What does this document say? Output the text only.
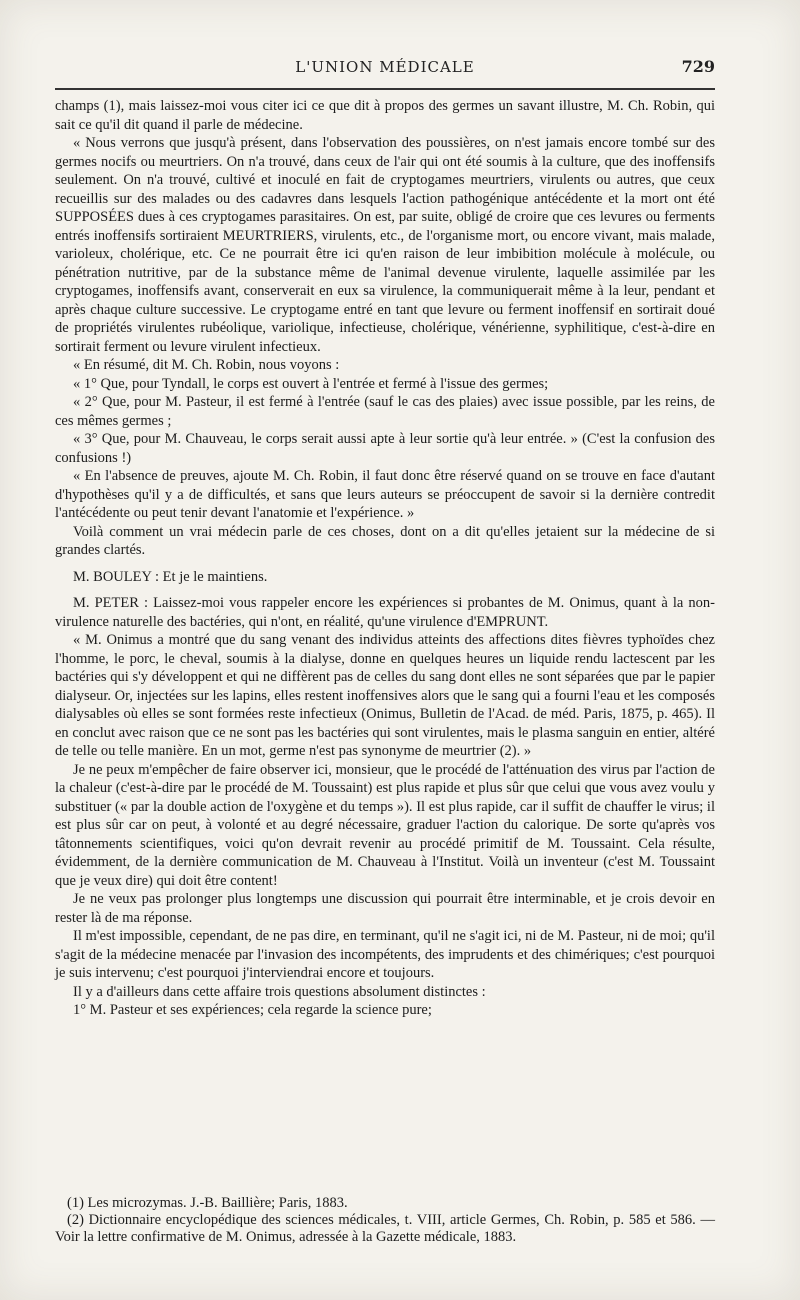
L'UNION MÉDICALE	729

champs (1), mais laissez-moi vous citer ici ce que dit à propos des germes un savant illustre, M. Ch. Robin, qui sait ce qu'il dit quand il parle de médecine.

« Nous verrons que jusqu'à présent, dans l'observation des poussières, on n'est jamais encore tombé sur des germes nocifs ou meurtriers. On n'a trouvé, dans ceux de l'air qui ont été soumis à la culture, que des inoffensifs seulement. On n'a trouvé, cultivé et inoculé en fait de cryptogames meurtriers, virulents ou autres, que ceux recueillis sur des malades ou des cadavres dans lesquels l'action pathogénique antécédente et la mort ont été SUPPOSÉES dues à ces cryptogames parasitaires. On est, par suite, obligé de croire que ces levures ou ferments entrés inoffensifs sortiraient MEURTRIERS, virulents, etc., de l'organisme mort, ou encore vivant, mais malade, varioleux, cholérique, etc. Ce ne pourrait être ici qu'en raison de leur imbibition molécule à molécule, ou pénétration nutritive, par de la substance même de l'animal devenue virulente, laquelle assimilée par les cryptogames, inoffensifs avant, conserverait en eux sa virulence, la communiquerait même à la leur, pendant et après chaque culture successive. Le cryptogame entré en tant que levure ou ferment inoffensif en sortirait doué de propriétés virulentes rubéolique, variolique, infectieuse, cholérique, vénérienne, syphilitique, c'est-à-dire en sortirait ferment ou levure virulent infectieux.

« En résumé, dit M. Ch. Robin, nous voyons :

« 1° Que, pour Tyndall, le corps est ouvert à l'entrée et fermé à l'issue des germes;

« 2° Que, pour M. Pasteur, il est fermé à l'entrée (sauf le cas des plaies) avec issue possible, par les reins, de ces mêmes germes ;

« 3° Que, pour M. Chauveau, le corps serait aussi apte à leur sortie qu'à leur entrée. » (C'est la confusion des confusions !)

« En l'absence de preuves, ajoute M. Ch. Robin, il faut donc être réservé quand on se trouve en face d'autant d'hypothèses qu'il y a de difficultés, et sans que leurs auteurs se préoccupent de savoir si la dernière contredit l'antécédente ou peut tenir devant l'anatomie et l'expérience. »

Voilà comment un vrai médecin parle de ces choses, dont on a dit qu'elles jetaient sur la médecine de si grandes clartés.

M. BOULEY : Et je le maintiens.

M. PETER : Laissez-moi vous rappeler encore les expériences si probantes de M. Onimus, quant à la non-virulence naturelle des bactéries, qui n'ont, en réalité, qu'une virulence d'EMPRUNT.

« M. Onimus a montré que du sang venant des individus atteints des affections dites fièvres typhoïdes chez l'homme, le porc, le cheval, soumis à la dialyse, donne en quelques heures un liquide rendu lactescent par les bactéries qui s'y développent et qui ne diffèrent pas de celles du sang dont elles ne sont séparées que par le papier dialyseur. Or, injectées sur les lapins, elles restent inoffensives alors que le sang qui a fourni l'eau et les composés dialysables où elles se sont formées reste infectieux (Onimus, Bulletin de l'Acad. de méd. Paris, 1875, p. 465). Il en conclut avec raison que ce ne sont pas les bactéries qui sont virulentes, mais le plasma sanguin en entier, altéré de telle ou telle manière. En un mot, germe n'est pas synonyme de meurtrier (2). »

Je ne peux m'empêcher de faire observer ici, monsieur, que le procédé de l'atténuation des virus par l'action de la chaleur (c'est-à-dire par le procédé de M. Toussaint) est plus rapide et plus sûr que celui que vous avez voulu y substituer (« par la double action de l'oxygène et du temps »). Il est plus rapide, car il suffit de chauffer le virus; il est plus sûr car on peut, à volonté et au degré nécessaire, graduer l'action du calorique. De sorte qu'après vos tâtonnements scientifiques, voici qu'on devrait revenir au procédé primitif de M. Toussaint. Cela résulte, évidemment, de la dernière communication de M. Chauveau à l'Institut. Voilà un inventeur (c'est M. Toussaint que je veux dire) qui doit être content!

Je ne veux pas prolonger plus longtemps une discussion qui pourrait être interminable, et je crois devoir en rester là de ma réponse.

Il m'est impossible, cependant, de ne pas dire, en terminant, qu'il ne s'agit ici, ni de M. Pasteur, ni de moi; qu'il s'agit de la médecine menacée par l'invasion des incompétents, des imprudents et des chimériques; c'est pourquoi je suis intervenu; c'est pourquoi j'interviendrai encore et toujours.

Il y a d'ailleurs dans cette affaire trois questions absolument distinctes :

1° M. Pasteur et ses expériences; cela regarde la science pure;

(1) Les microzymas. J.-B. Baillière; Paris, 1883.

(2) Dictionnaire encyclopédique des sciences médicales, t. VIII, article Germes, Ch. Robin, p. 585 et 586. — Voir la lettre confirmative de M. Onimus, adressée à la Gazette médicale, 1883.
